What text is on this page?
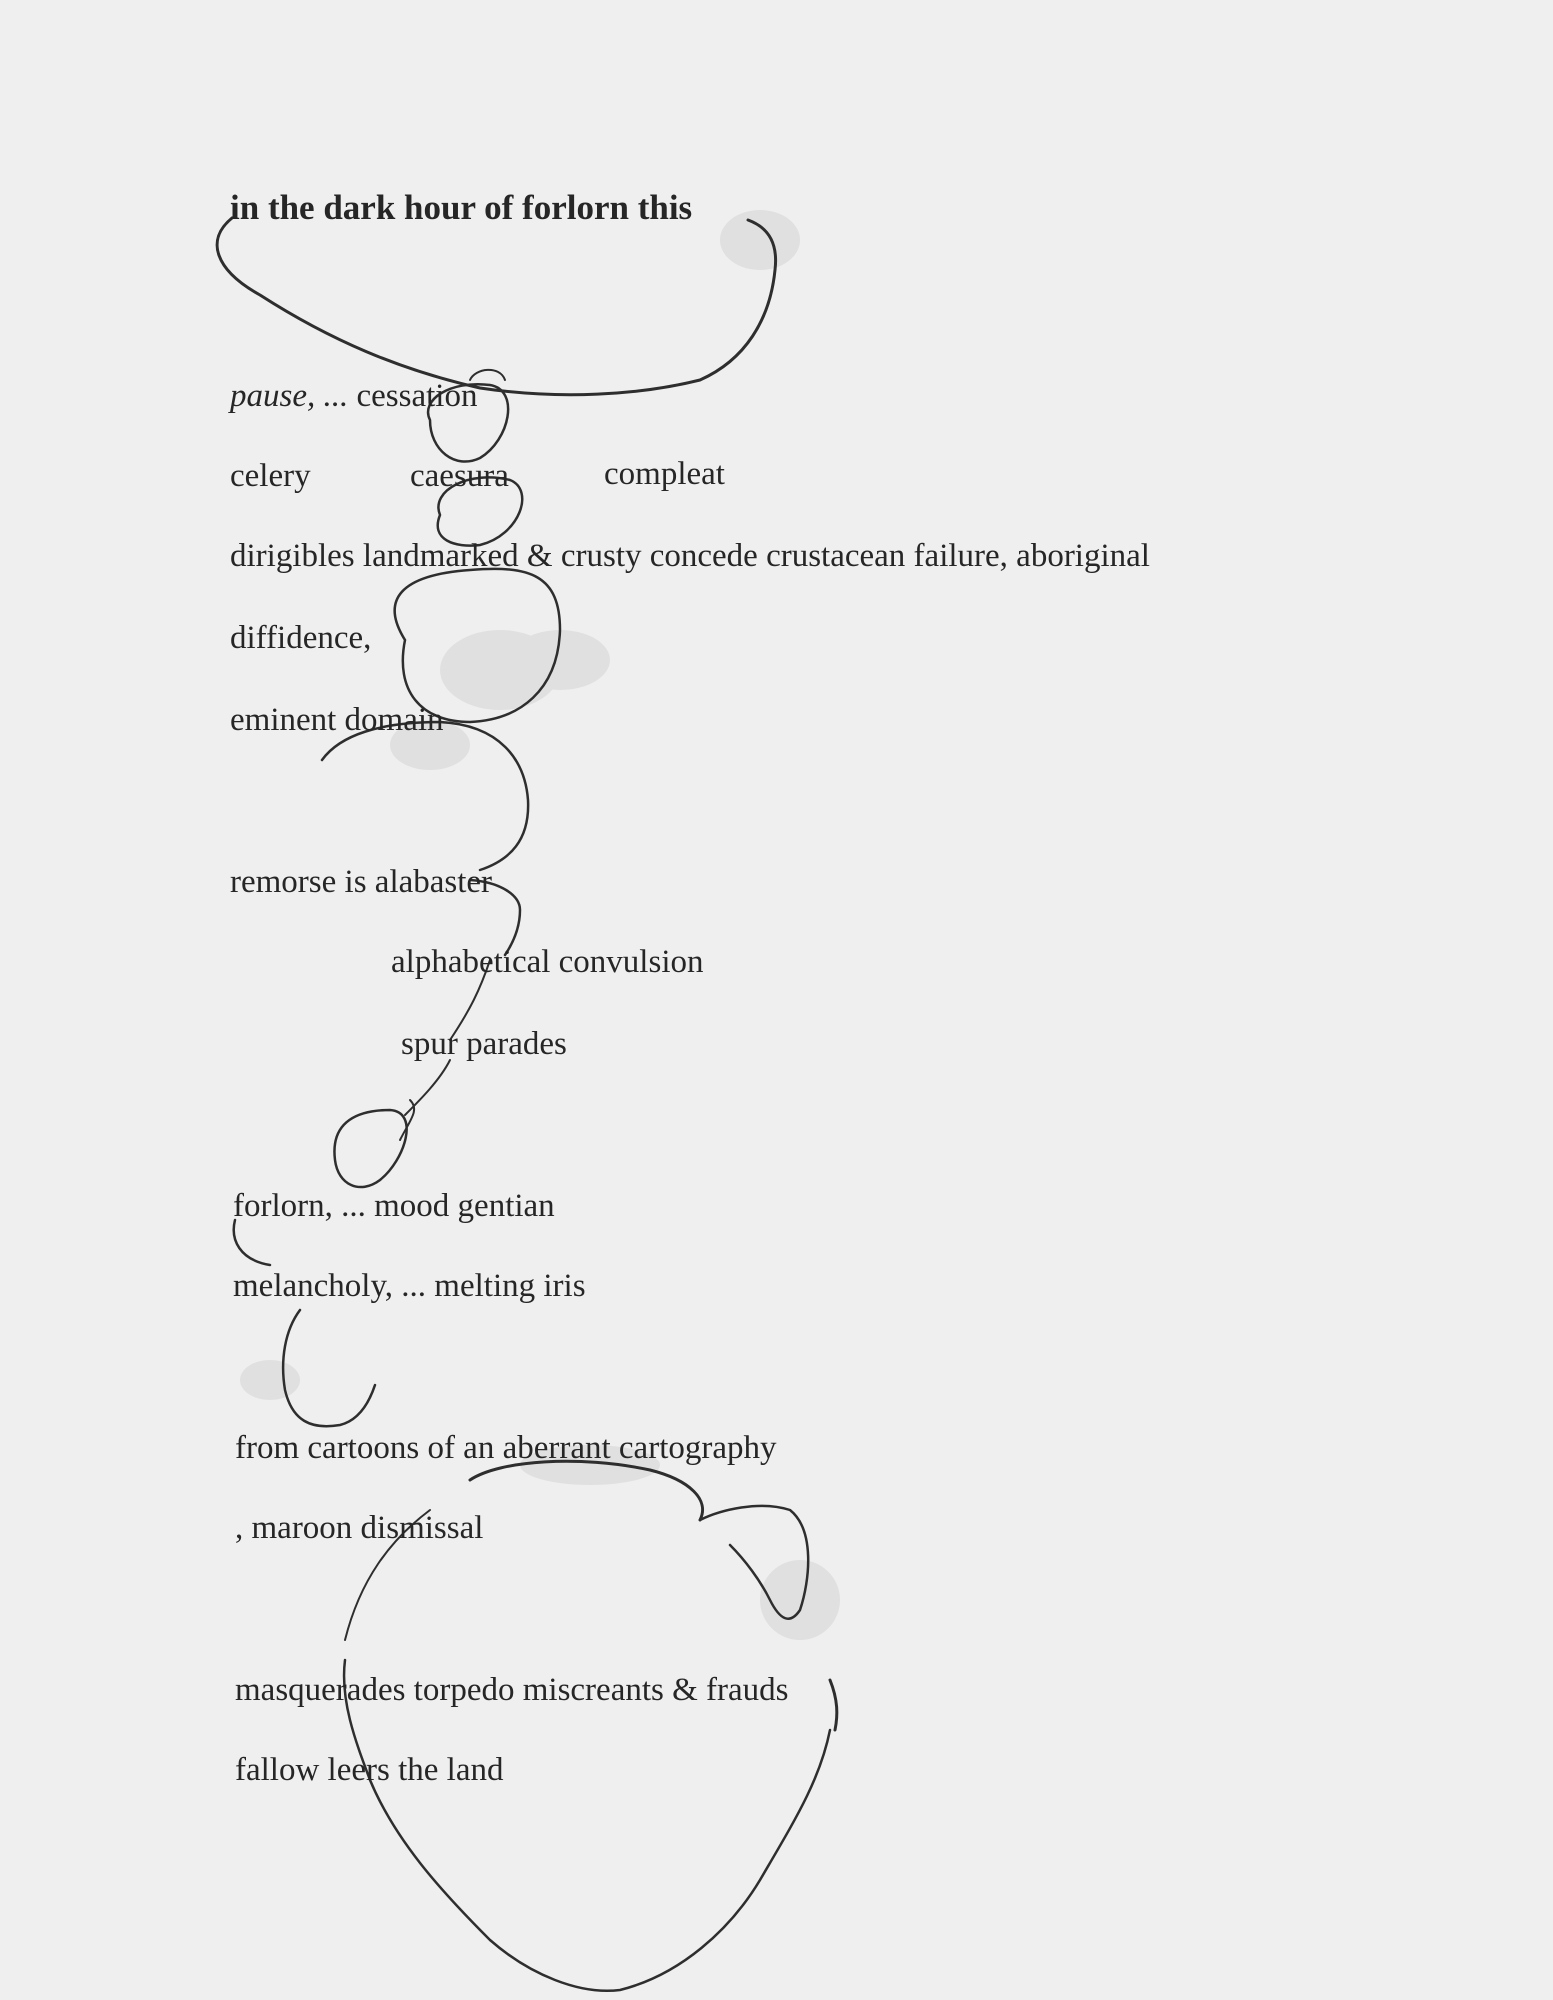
in the dark hour of forlorn this
pause, ... cessation
celery	caesura	compleat
dirigibles landmarked & crusty concede crustacean failure, aboriginal
diffidence,
eminent domain
remorse is alabaster
alphabetical convulsion
spur parades
forlorn, ... mood gentian
melancholy, ... melting iris
from cartoons of an aberrant cartography
, maroon dismissal
masquerades torpedo miscreants & frauds
fallow leers the land
